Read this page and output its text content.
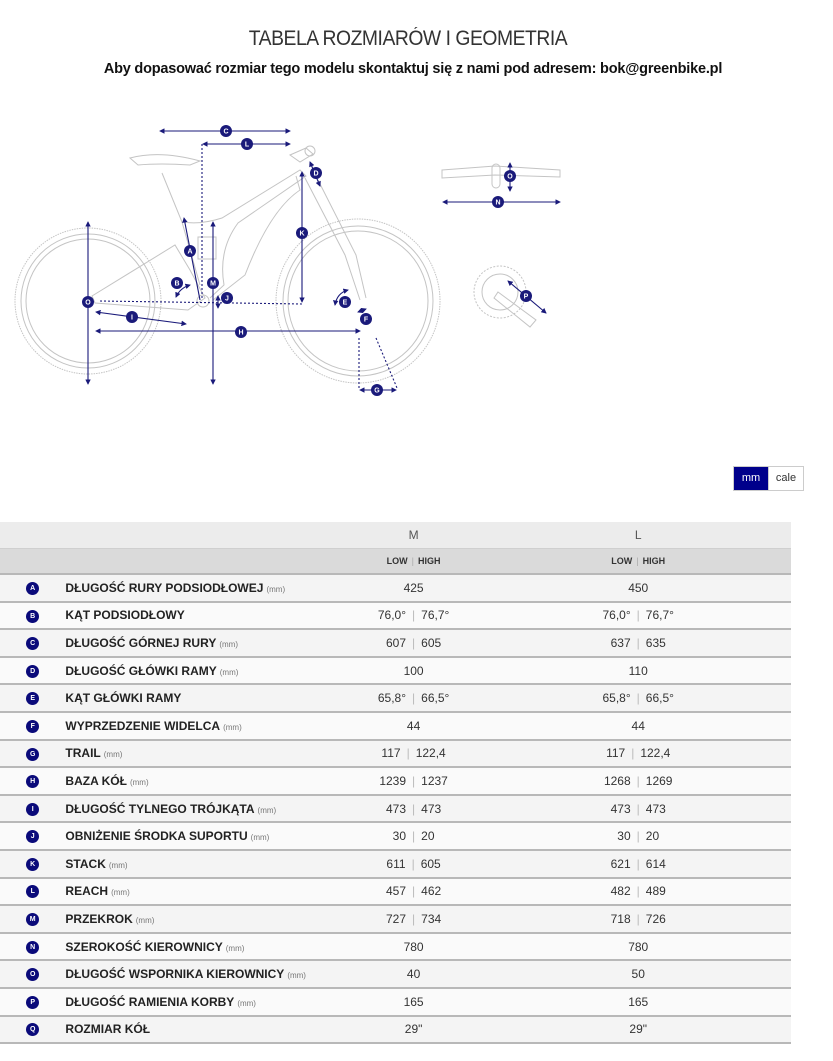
TABELA ROZMIARÓW I GEOMETRIA
Aby dopasować rozmiar tego modelu skontaktuj się z nami pod adresem: bok@greenbike.pl
C
L
D
K
A
B	M
J
O	E
F
I
H
G
O
N
P
mm	cale
		M	L
		LOW | HIGH	LOW | HIGH
A	DŁUGOŚĆ RURY PODSIODŁOWEJ (mm)	425	450
B	KĄT PODSIODŁOWY	76,0° | 76,7°	76,0° | 76,7°
C	DŁUGOŚĆ GÓRNEJ RURY (mm)	607 | 605	637 | 635
D	DŁUGOŚĆ GŁÓWKI RAMY (mm)	100	110
E	KĄT GŁÓWKI RAMY	65,8° | 66,5°	65,8° | 66,5°
F	WYPRZEDZENIE WIDELCA (mm)	44	44
G	TRAIL (mm)	117 | 122,4	117 | 122,4
H	BAZA KÓŁ (mm)	1239 | 1237	1268 | 1269
I	DŁUGOŚĆ TYLNEGO TRÓJKĄTA (mm)	473 | 473	473 | 473
J	OBNIŻENIE ŚRODKA SUPORTU (mm)	30 | 20	30 | 20
K	STACK (mm)	611 | 605	621 | 614
L	REACH (mm)	457 | 462	482 | 489
M	PRZEKROK (mm)	727 | 734	718 | 726
N	SZEROKOŚĆ KIEROWNICY (mm)	780	780
O	DŁUGOŚĆ WSPORNIKA KIEROWNICY (mm)	40	50
P	DŁUGOŚĆ RAMIENIA KORBY (mm)	165	165
Q	ROZMIAR KÓŁ	29"	29"
